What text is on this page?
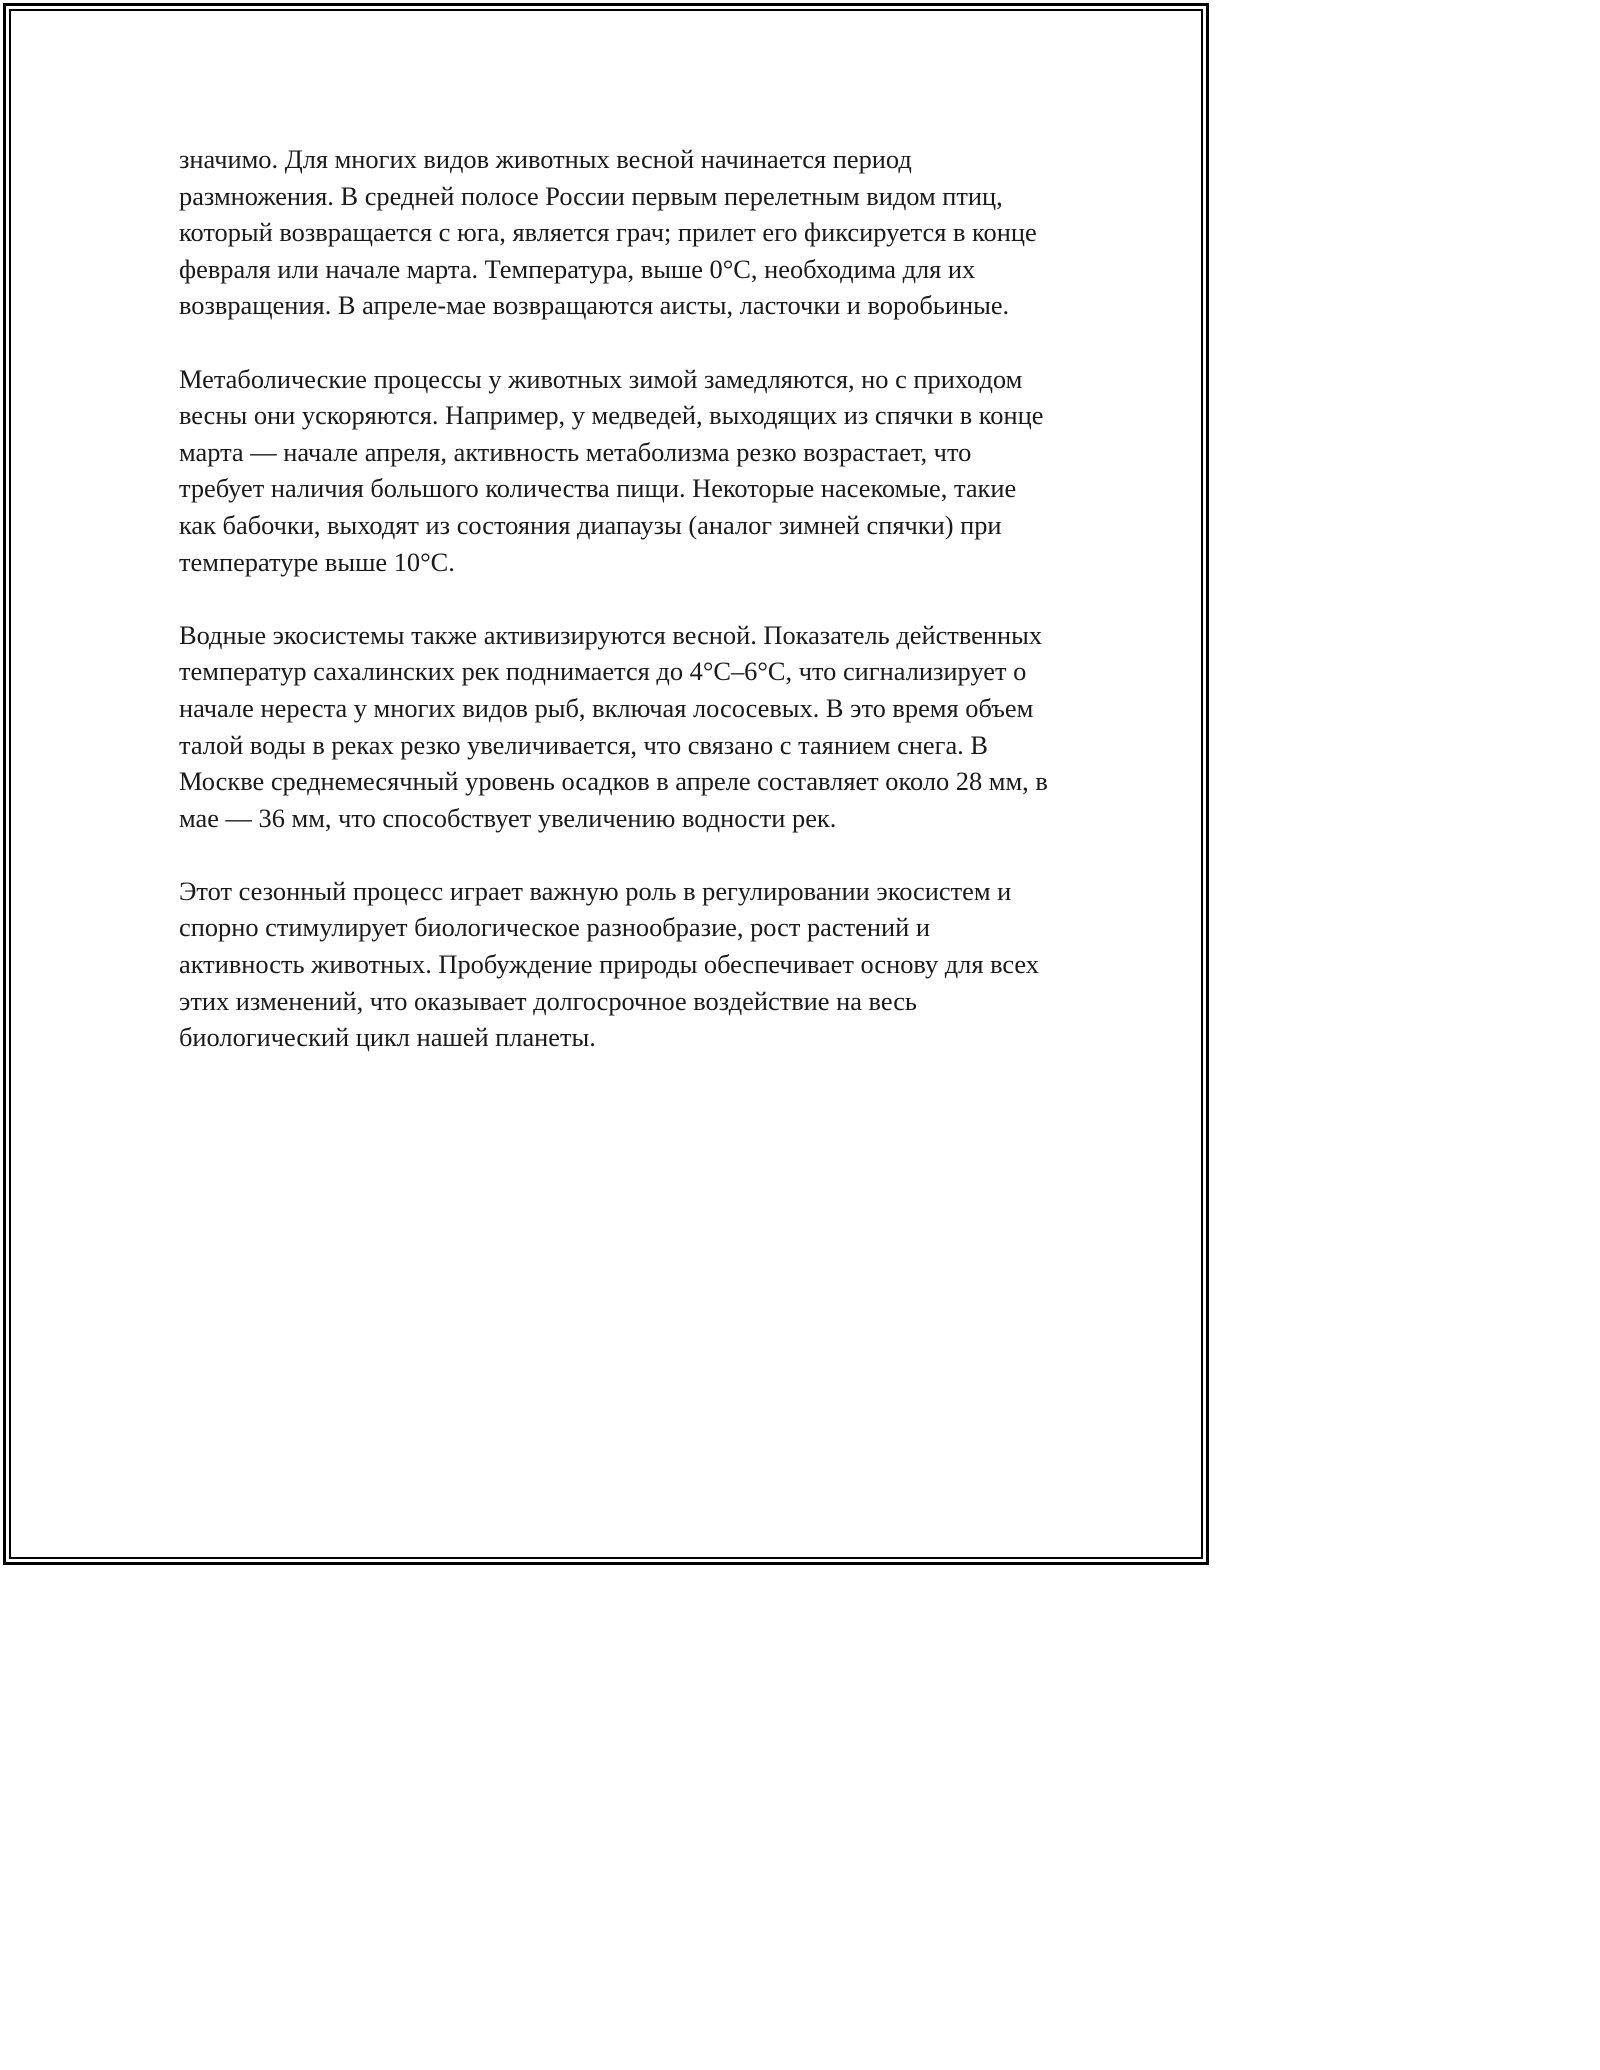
значимо. Для многих видов животных весной начинается период размножения. В средней полосе России первым перелетным видом птиц, который возвращается с юга, является грач; прилет его фиксируется в конце февраля или начале марта. Температура, выше 0°C, необходима для их возвращения. В апреле-мае возвращаются аисты, ласточки и воробьиные.

Метаболические процессы у животных зимой замедляются, но с приходом весны они ускоряются. Например, у медведей, выходящих из спячки в конце марта — начале апреля, активность метаболизма резко возрастает, что требует наличия большого количества пищи. Некоторые насекомые, такие как бабочки, выходят из состояния диапаузы (аналог зимней спячки) при температуре выше 10°C.

Водные экосистемы также активизируются весной. Показатель действенных температур сахалинских рек поднимается до 4°C–6°C, что сигнализирует о начале нереста у многих видов рыб, включая лососевых. В это время объем талой воды в реках резко увеличивается, что связано с таянием снега. В Москве среднемесячный уровень осадков в апреле составляет около 28 мм, в мае — 36 мм, что способствует увеличению водности рек.

Этот сезонный процесс играет важную роль в регулировании экосистем и спорно стимулирует биологическое разнообразие, рост растений и активность животных. Пробуждение природы обеспечивает основу для всех этих изменений, что оказывает долгосрочное воздействие на весь биологический цикл нашей планеты.
